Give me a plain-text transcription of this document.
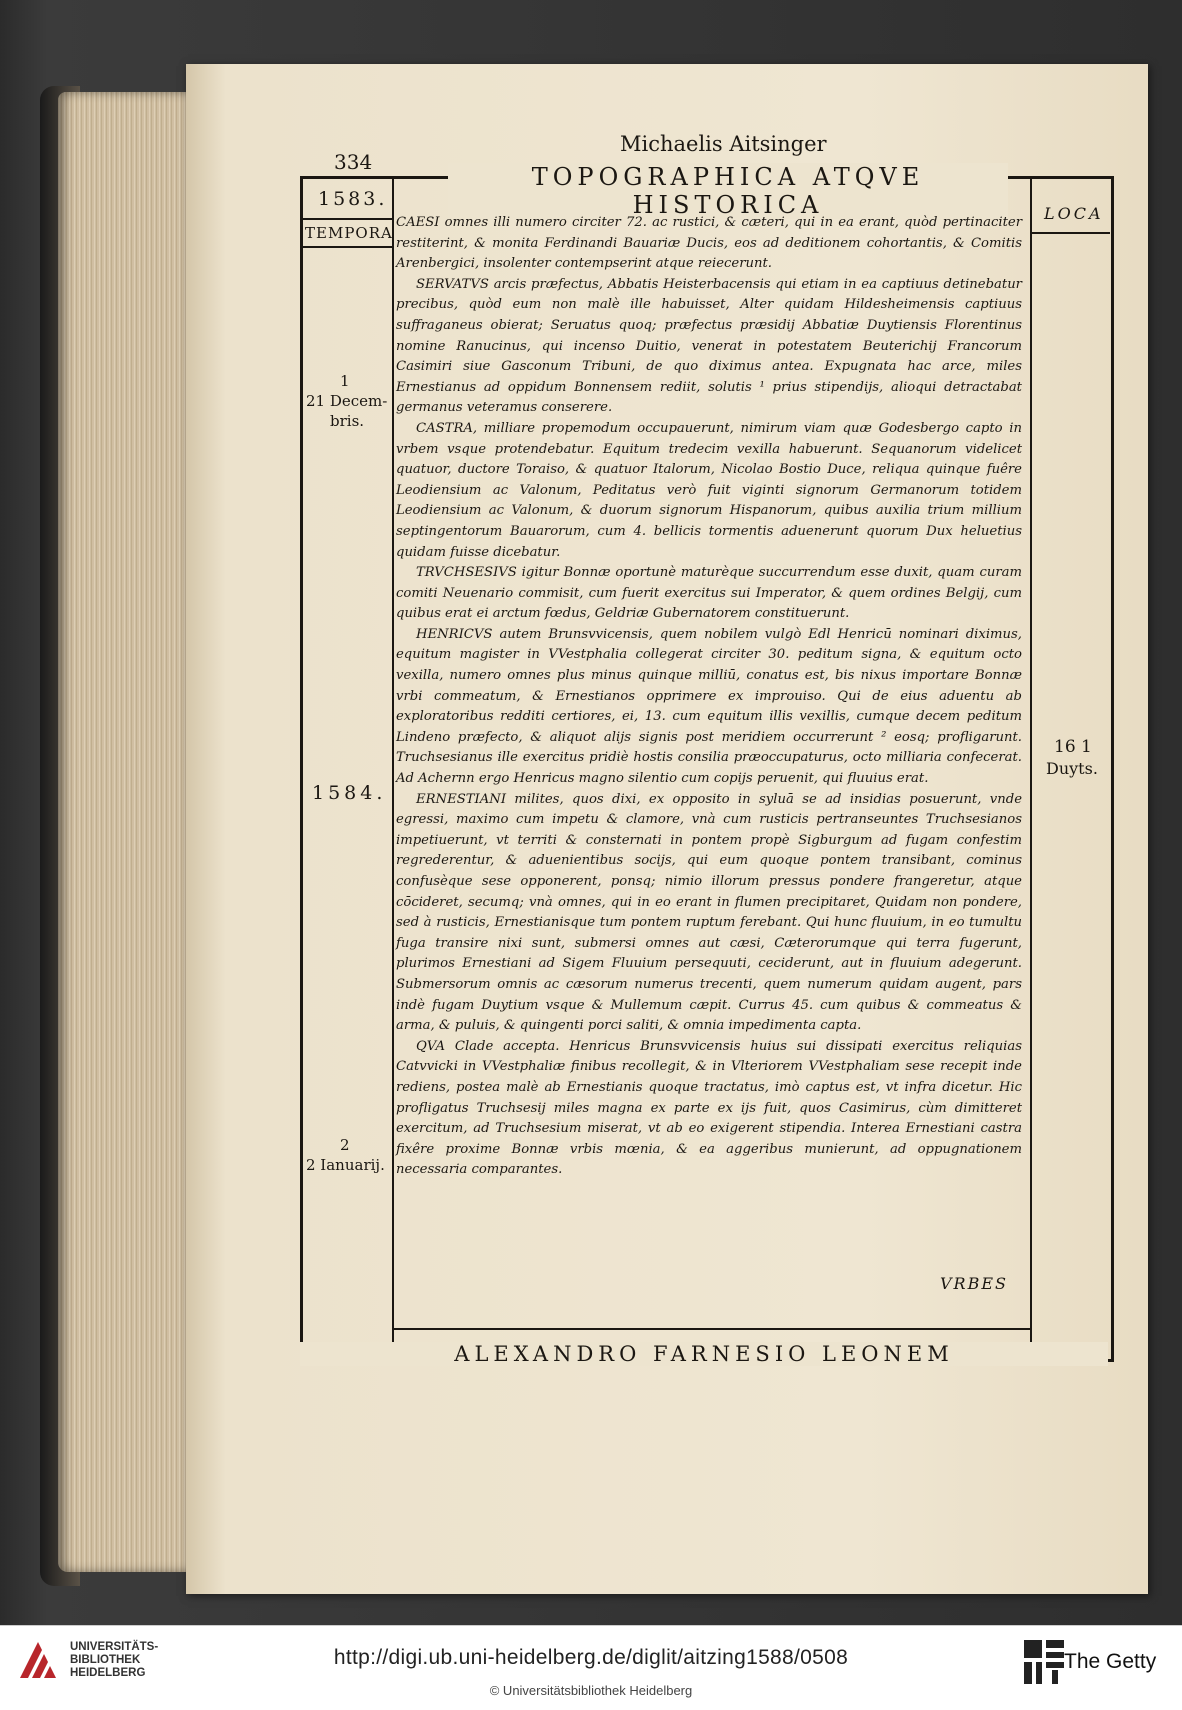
Michaelis Aitsinger
334
TOPOGRAPHICA ATQVE HISTORICA
1583.
TEMPORA
LOCA
1
21 Decem-
bris.
1584.
2
2 Ianuarij.
16 1
Duyts.

CAESI omnes illi numero circiter 72. ac rustici, & cæteri, qui in ea erant, quòd pertinaciter restiterint, & monita Ferdinandi Bauariæ Ducis, eos ad deditionem cohortantis, & Comitis Arenbergici, insolenter contempserint atque reiecerunt.

SERVATVS arcis præfectus, Abbatis Heisterbacensis qui etiam in ea captiuus detinebatur precibus, quòd eum non malè ille habuisset, Alter quidam Hildesheimensis captiuus suffraganeus obierat; Seruatus quoq; præfectus præsidij Abbatiæ Duytiensis Florentinus nomine Ranucinus, qui incenso Duitio, venerat in potestatem Beuterichij Francorum Casimiri siue Gasconum Tribuni, de quo diximus antea. Expugnata hac arce, miles Ernestianus ad oppidum Bonnensem rediit, solutis ¹ prius stipendijs, alioqui detractabat germanus veteramus conserere.

CASTRA, milliare propemodum occupauerunt, nimirum viam quæ Godesbergo capto in vrbem vsque protendebatur. Equitum tredecim vexilla habuerunt. Sequanorum videlicet quatuor, ductore Toraiso, & quatuor Italorum, Nicolao Bostio Duce, reliqua quinque fuêre Leodiensium ac Valonum, Peditatus verò fuit viginti signorum Germanorum totidem Leodiensium ac Valonum, & duorum signorum Hispanorum, quibus auxilia trium millium septingentorum Bauarorum, cum 4. bellicis tormentis aduenerunt quorum Dux heluetius quidam fuisse dicebatur.

TRVCHSESIVS igitur Bonnæ oportunè maturèque succurrendum esse duxit, quam curam comiti Neuenario commisit, cum fuerit exercitus sui Imperator, & quem ordines Belgij, cum quibus erat ei arctum fœdus, Geldriæ Gubernatorem constituerunt.

HENRICVS autem Brunsvvicensis, quem nobilem vulgò Edl Henricū nominari diximus, equitum magister in VVestphalia collegerat circiter 30. peditum signa, & equitum octo vexilla, numero omnes plus minus quinque milliū, conatus est, bis nixus importare Bonnæ vrbi commeatum, & Ernestianos opprimere ex improuiso. Qui de eius aduentu ab exploratoribus redditi certiores, ei, 13. cum equitum illis vexillis, cumque decem peditum Lindeno præfecto, & aliquot alijs signis post meridiem occurrerunt ² eosq; profligarunt. Truchsesianus ille exercitus pridiè hostis consilia præoccupaturus, octo milliaria confecerat. Ad Achernn ergo Henricus magno silentio cum copijs peruenit, qui fluuius erat.

ERNESTIANI milites, quos dixi, ex opposito in syluā se ad insidias posuerunt, vnde egressi, maximo cum impetu & clamore, vnà cum rusticis pertranseuntes Truchsesianos impetiuerunt, vt territi & consternati in pontem propè Sigburgum ad fugam confestim regrederentur, & aduenientibus socijs, qui eum quoque pontem transibant, cominus confusèque sese opponerent, ponsq; nimio illorum pressus pondere frangeretur, atque cōcideret, secumq; vnà omnes, qui in eo erant in flumen precipitaret, Quidam non pondere, sed à rusticis, Ernestianisque tum pontem ruptum ferebant. Qui hunc fluuium, in eo tumultu fuga transire nixi sunt, submersi omnes aut cæsi, Cæterorumque qui terra fugerunt, plurimos Ernestiani ad Sigem Fluuium persequuti, ceciderunt, aut in fluuium adegerunt. Submersorum omnis ac cæsorum numerus trecenti, quem numerum quidam augent, pars indè fugam Duytium vsque & Mullemum cæpit. Currus 45. cum quibus & commeatus & arma, & puluis, & quingenti porci saliti, & omnia impedimenta capta.

QVA Clade accepta. Henricus Brunsvvicensis huius sui dissipati exercitus reliquias Catvvicki in VVestphaliæ finibus recollegit, & in Vlteriorem VVestphaliam sese recepit inde rediens, postea malè ab Ernestianis quoque tractatus, imò captus est, vt infra dicetur. Hic profligatus Truchsesij miles magna ex parte ex ijs fuit, quos Casimirus, cùm dimitteret exercitum, ad Truchsesium miserat, vt ab eo exigerent stipendia. Interea Ernestiani castra fixêre proxime Bonnæ vrbis mœnia, & ea aggeribus munierunt, ad oppugnationem necessaria comparantes.

VRBES
ALEXANDRO FARNESIO LEONEM
UNIVERSITÄTS-
BIBLIOTHEK
HEIDELBERG
http://digi.ub.uni-heidelberg.de/diglit/aitzing1588/0508
© Universitätsbibliothek Heidelberg
The Getty
